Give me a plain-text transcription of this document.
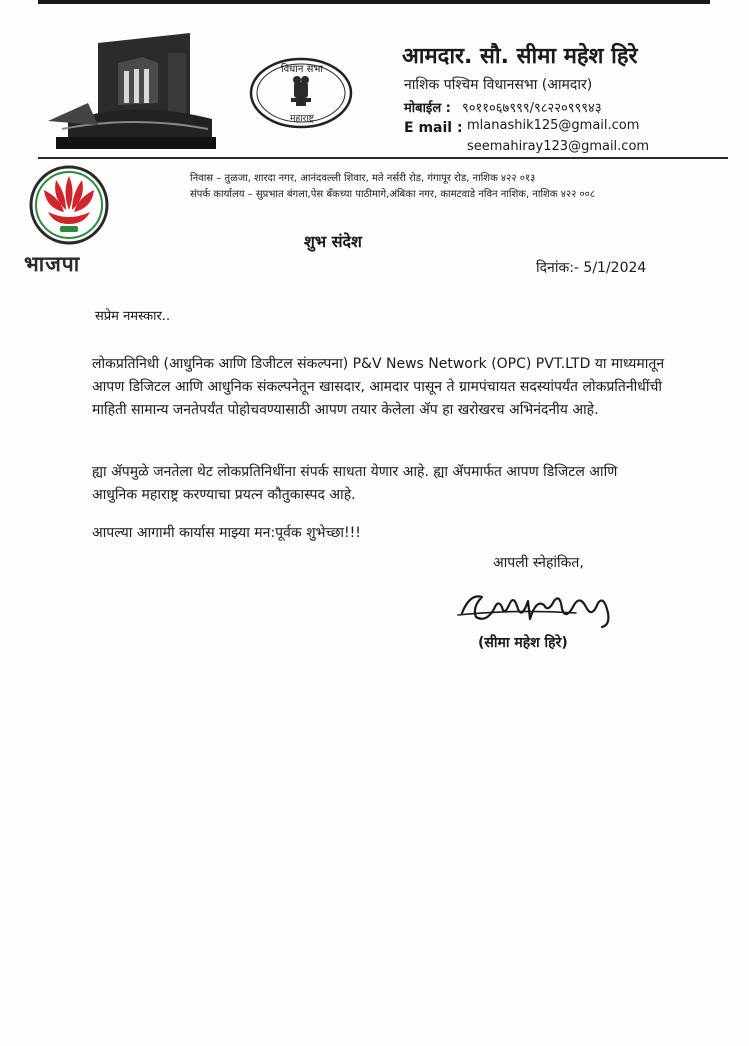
विधान सभा
महाराष्ट्र
आमदार. सौ. सीमा महेश हिरे
नाशिक पश्चिम विधानसभा (आमदार)
मोबाईल : ९०११०६७९९९/९८२२०९९९४३
E mail : mlanashik125@gmail.com
seemahiray123@gmail.com
भाजपा
निवास – तुळजा, शारदा नगर, आनंदवल्ली शिवार, मते नर्सरी रोड, गंगापूर रोड, नाशिक ४२२ ०१३
संपर्क कार्यालय – सुप्रभात बंगला,पेस बँकच्या पाठीमागे,अंबिका नगर, कामटवाडे नविन नाशिक, नाशिक ४२२ ००८
शुभ संदेश
दिनांक:- 5/1/2024
सप्रेम नमस्कार..
लोकप्रतिनिधी (आधुनिक आणि डिजीटल संकल्पना) P&V News Network (OPC) PVT.LTD या माध्यमातून आपण डिजिटल आणि आधुनिक संकल्पनेतून खासदार, आमदार पासून ते ग्रामपंचायत सदस्यांपर्यंत लोकप्रतिनीधींची माहिती सामान्य जनतेपर्यंत पोहोचवण्यासाठी आपण तयार केलेला ॲप हा खरोखरच अभिनंदनीय आहे.
ह्या ॲपमुळे जनतेला थेट लोकप्रतिनिधींना संपर्क साधता येणार आहे. ह्या ॲपमार्फत आपण डिजिटल आणि आधुनिक महाराष्ट्र करण्याचा प्रयत्न कौतुकास्पद आहे.
आपल्या आगामी कार्यास माझ्या मन:पूर्वक शुभेच्छा!!!
आपली स्नेहांकित,
(सीमा महेश हिरे)
